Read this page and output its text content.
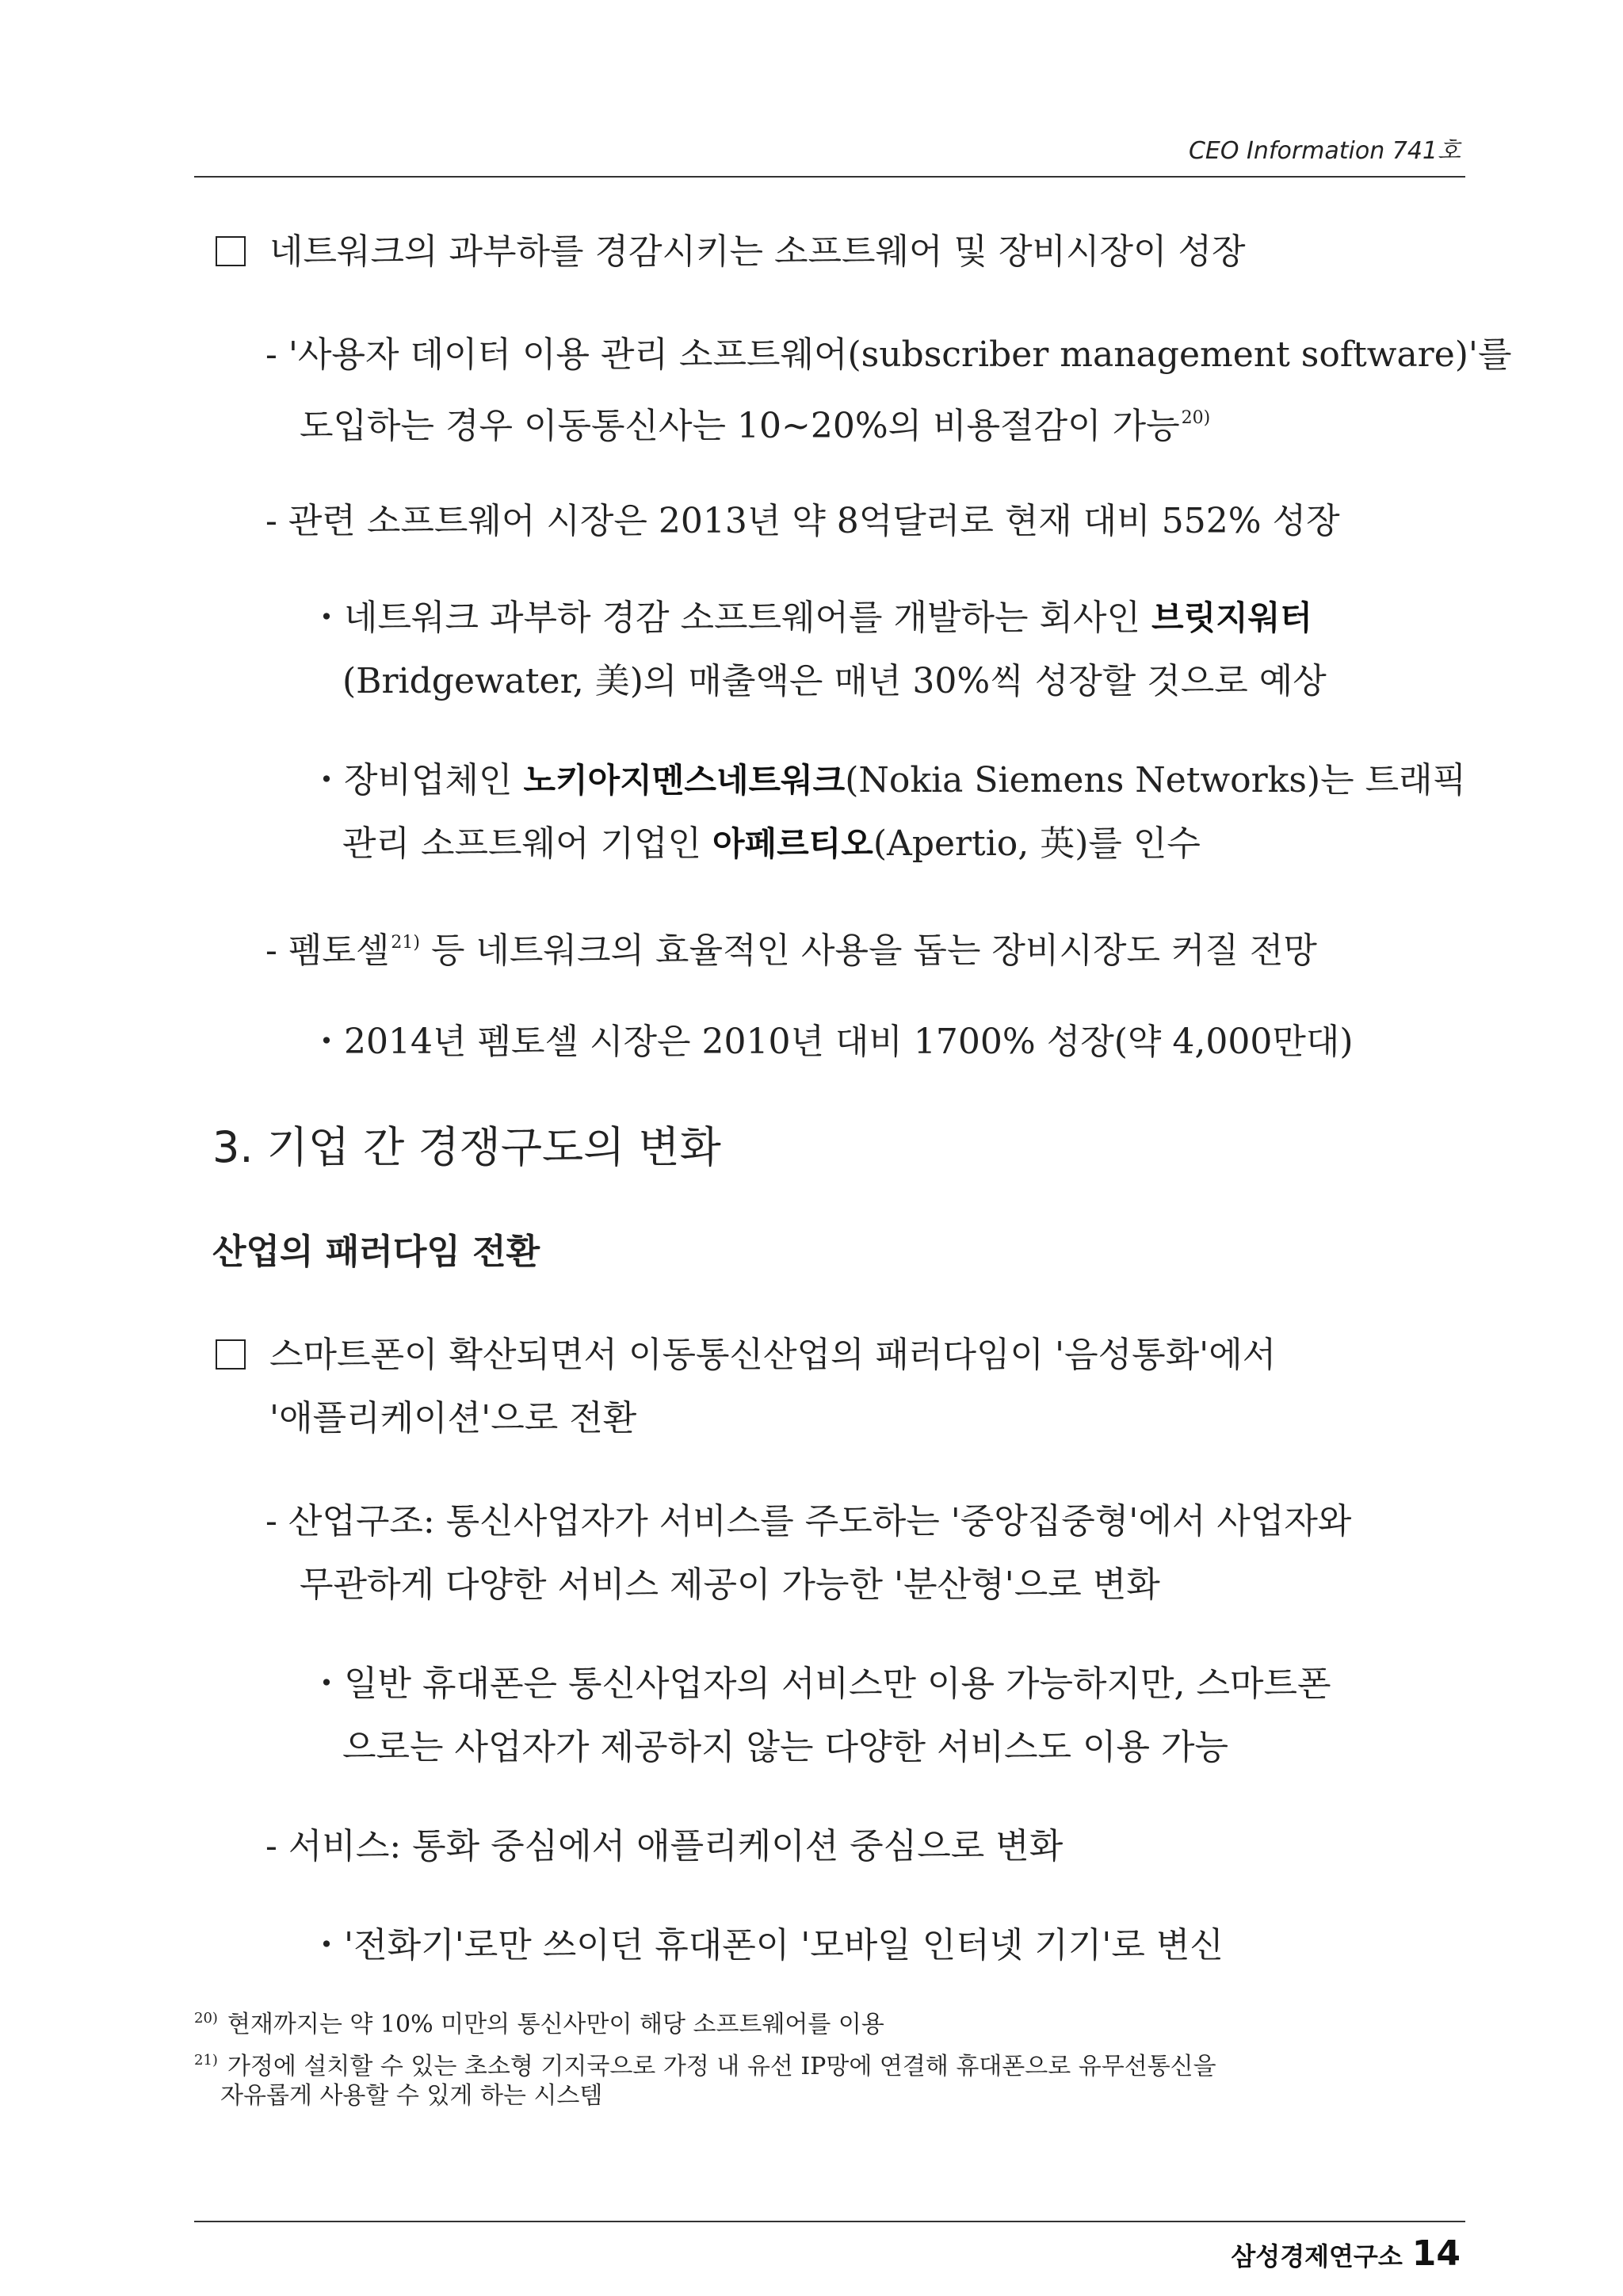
CEO Information 741호
네트워크의 과부하를 경감시키는 소프트웨어 및 장비시장이 성장
- '사용자 데이터 이용 관리 소프트웨어(subscriber management software)'를
도입하는 경우 이동통신사는 10~20%의 비용절감이 가능$^{20)}$
- 관련 소프트웨어 시장은 2013년 약 8억달러로 현재 대비 552% 성장
・네트워크 과부하 경감 소프트웨어를 개발하는 회사인 브릿지워터
(Bridgewater, 美)의 매출액은 매년 30%씩 성장할 것으로 예상
・장비업체인 노키아지멘스네트워크(Nokia Siemens Networks)는 트래픽
관리 소프트웨어 기업인 아페르티오(Apertio, 英)를 인수
- 펨토셀$^{21)}$ 등 네트워크의 효율적인 사용을 돕는 장비시장도 커질 전망
・2014년 펨토셀 시장은 2010년 대비 1700% 성장(약 4,000만대)
3. 기업 간 경쟁구도의 변화
산업의 패러다임 전환
스마트폰이 확산되면서 이동통신산업의 패러다임이 '음성통화'에서
'애플리케이션'으로 전환
- 산업구조: 통신사업자가 서비스를 주도하는 '중앙집중형'에서 사업자와
무관하게 다양한 서비스 제공이 가능한 '분산형'으로 변화
・일반 휴대폰은 통신사업자의 서비스만 이용 가능하지만, 스마트폰
으로는 사업자가 제공하지 않는 다양한 서비스도 이용 가능
- 서비스: 통화 중심에서 애플리케이션 중심으로 변화
・'전화기'로만 쓰이던 휴대폰이 '모바일 인터넷 기기'로 변신
$^{20)}$ 현재까지는 약 10% 미만의 통신사만이 해당 소프트웨어를 이용
$^{21)}$ 가정에 설치할 수 있는 초소형 기지국으로 가정 내 유선 IP망에 연결해 휴대폰으로 유무선통신을
자유롭게 사용할 수 있게 하는 시스템
삼성경제연구소 14
